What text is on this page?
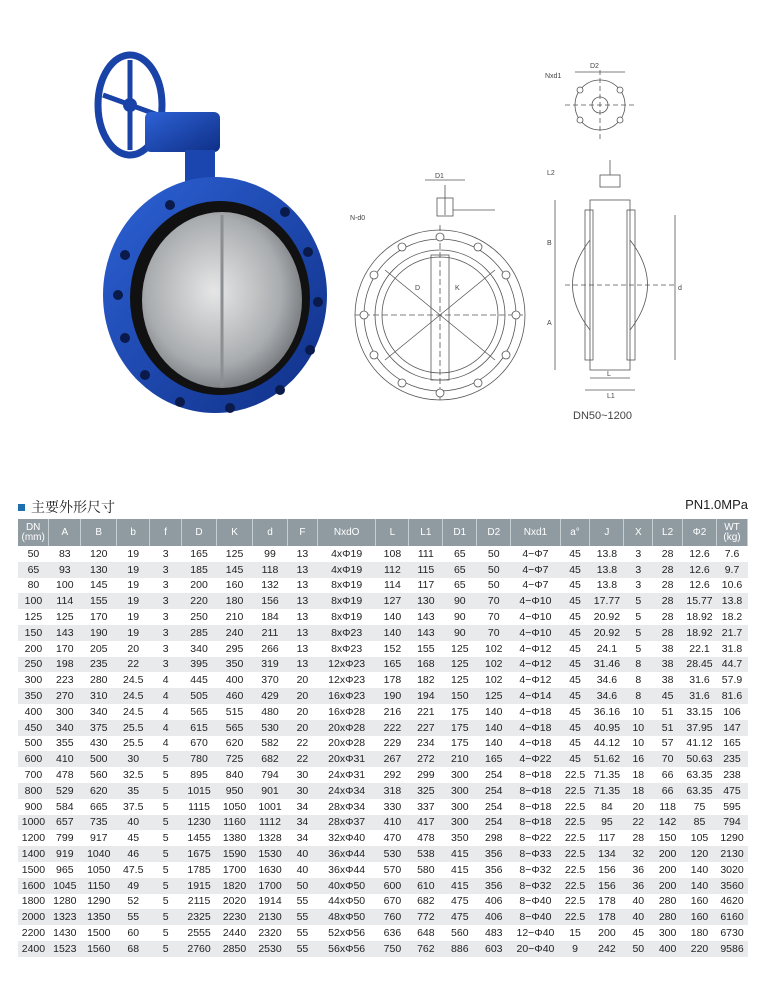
D1
N-d0
D	K
D2
Nxd1
L2
B
A
d
L
L1
DN50~1200
主要外形尺寸	PN1.0MPa
DN
(mm)	A	B	b	f	D	K	d	F	NxdO	L	L1	D1	D2	Nxd1	a°	J	X	L2	Φ2	WT
(kg)
50	83	120	19	3	165	125	99	13	4xΦ19	108	111	65	50	4−Φ7	45	13.8	3	28	12.6	7.6
65	93	130	19	3	185	145	118	13	4xΦ19	112	115	65	50	4−Φ7	45	13.8	3	28	12.6	9.7
80	100	145	19	3	200	160	132	13	8xΦ19	114	117	65	50	4−Φ7	45	13.8	3	28	12.6	10.6
100	114	155	19	3	220	180	156	13	8xΦ19	127	130	90	70	4−Φ10	45	17.77	5	28	15.77	13.8
125	125	170	19	3	250	210	184	13	8xΦ19	140	143	90	70	4−Φ10	45	20.92	5	28	18.92	18.2
150	143	190	19	3	285	240	211	13	8xΦ23	140	143	90	70	4−Φ10	45	20.92	5	28	18.92	21.7
200	170	205	20	3	340	295	266	13	8xΦ23	152	155	125	102	4−Φ12	45	24.1	5	38	22.1	31.8
250	198	235	22	3	395	350	319	13	12xΦ23	165	168	125	102	4−Φ12	45	31.46	8	38	28.45	44.7
300	223	280	24.5	4	445	400	370	20	12xΦ23	178	182	125	102	4−Φ12	45	34.6	8	38	31.6	57.9
350	270	310	24.5	4	505	460	429	20	16xΦ23	190	194	150	125	4−Φ14	45	34.6	8	45	31.6	81.6
400	300	340	24.5	4	565	515	480	20	16xΦ28	216	221	175	140	4−Φ18	45	36.16	10	51	33.15	106
450	340	375	25.5	4	615	565	530	20	20xΦ28	222	227	175	140	4−Φ18	45	40.95	10	51	37.95	147
500	355	430	25.5	4	670	620	582	22	20xΦ28	229	234	175	140	4−Φ18	45	44.12	10	57	41.12	165
600	410	500	30	5	780	725	682	22	20xΦ31	267	272	210	165	4−Φ22	45	51.62	16	70	50.63	235
700	478	560	32.5	5	895	840	794	30	24xΦ31	292	299	300	254	8−Φ18	22.5	71.35	18	66	63.35	238
800	529	620	35	5	1015	950	901	30	24xΦ34	318	325	300	254	8−Φ18	22.5	71.35	18	66	63.35	475
900	584	665	37.5	5	1115	1050	1001	34	28xΦ34	330	337	300	254	8−Φ18	22.5	84	20	118	75	595
1000	657	735	40	5	1230	1160	1112	34	28xΦ37	410	417	300	254	8−Φ18	22.5	95	22	142	85	794
1200	799	917	45	5	1455	1380	1328	34	32xΦ40	470	478	350	298	8−Φ22	22.5	117	28	150	105	1290
1400	919	1040	46	5	1675	1590	1530	40	36xΦ44	530	538	415	356	8−Φ33	22.5	134	32	200	120	2130
1500	965	1050	47.5	5	1785	1700	1630	40	36xΦ44	570	580	415	356	8−Φ32	22.5	156	36	200	140	3020
1600	1045	1150	49	5	1915	1820	1700	50	40xΦ50	600	610	415	356	8−Φ32	22.5	156	36	200	140	3560
1800	1280	1290	52	5	2115	2020	1914	55	44xΦ50	670	682	475	406	8−Φ40	22.5	178	40	280	160	4620
2000	1323	1350	55	5	2325	2230	2130	55	48xΦ50	760	772	475	406	8−Φ40	22.5	178	40	280	160	6160
2200	1430	1500	60	5	2555	2440	2320	55	52xΦ56	636	648	560	483	12−Φ40	15	200	45	300	180	6730
2400	1523	1560	68	5	2760	2850	2530	55	56xΦ56	750	762	886	603	20−Φ40	9	242	50	400	220	9586
